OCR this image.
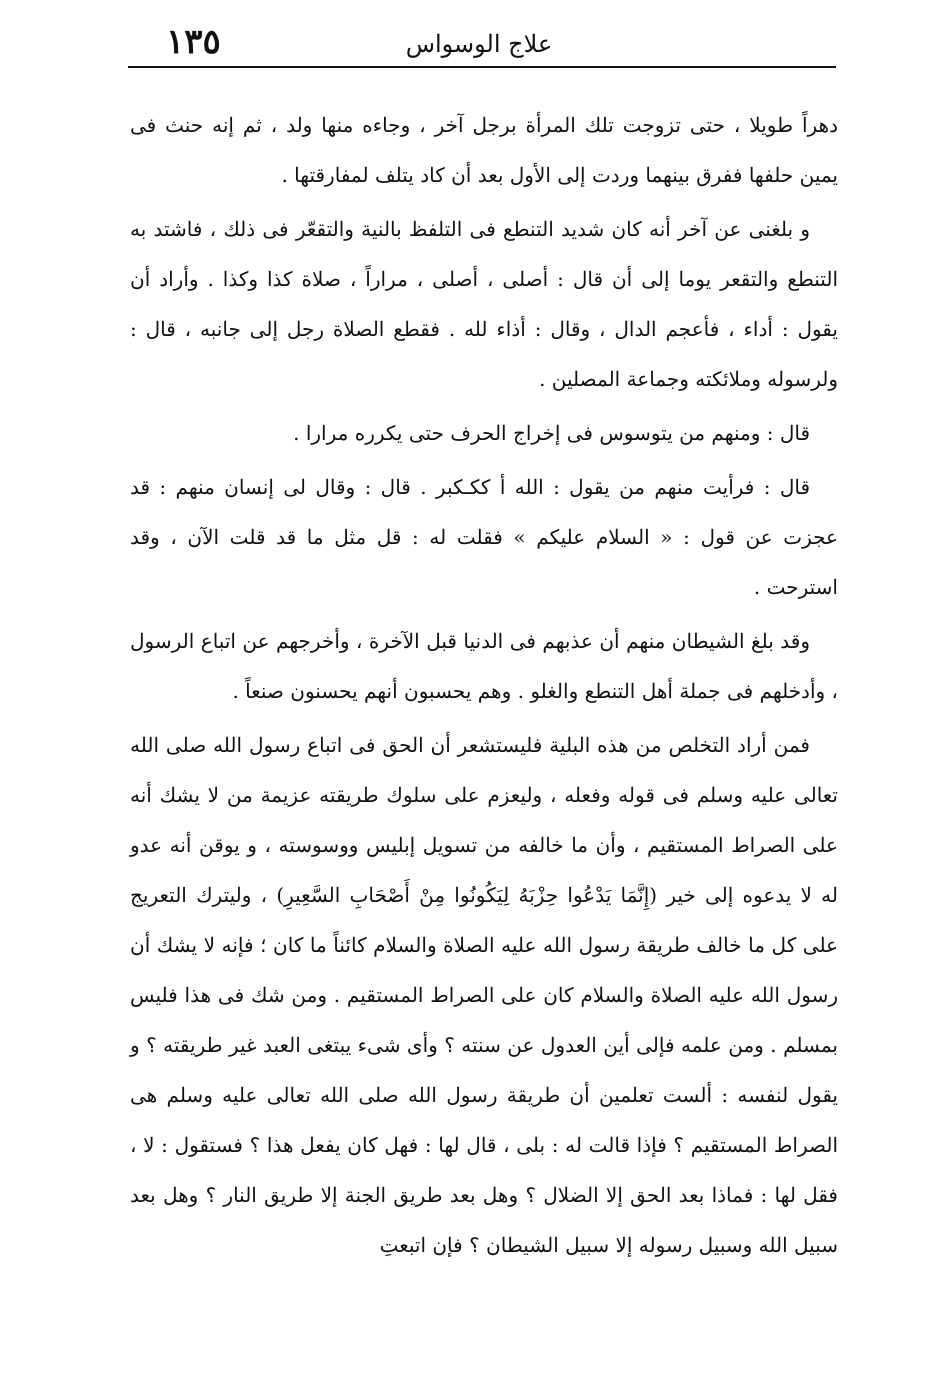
١٣٥	علاج الوسواس

دهراً طويلا ، حتى تزوجت تلك المرأة برجل آخر ، وجاءه منها ولد ، ثم إنه حنث فى يمين حلفها ففرق بينهما وردت إلى الأول بعد أن كاد يتلف لمفارقتها .

و بلغنى عن آخر أنه كان شديد التنطع فى التلفظ بالنية والتقعّر فى ذلك ، فاشتد به التنطع والتقعر يوما إلى أن قال : أصلى ، أصلى ، مراراً ، صلاة كذا وكذا . وأراد أن يقول : أداء ، فأعجم الدال ، وقال : أذاء لله . فقطع الصلاة رجل إلى جانبه ، قال : ولرسوله وملائكته وجماعة المصلين .

قال : ومنهم من يتوسوس فى إخراج الحرف حتى يكرره مرارا .

قال : فرأيت منهم من يقول : الله أ ككـكبر . قال : وقال لى إنسان منهم : قد عجزت عن قول : « السلام عليكم » فقلت له : قل مثل ما قد قلت الآن ، وقد استرحت .

وقد بلغ الشيطان منهم أن عذبهم فى الدنيا قبل الآخرة ، وأخرجهم عن اتباع الرسول ، وأدخلهم فى جملة أهل التنطع والغلو . وهم يحسبون أنهم يحسنون صنعاً .

فمن أراد التخلص من هذه البلية فليستشعر أن الحق فى اتباع رسول الله صلى الله تعالى عليه وسلم فى قوله وفعله ، وليعزم على سلوك طريقته عزيمة من لا يشك أنه على الصراط المستقيم ، وأن ما خالفه من تسويل إبليس ووسوسته ، و يوقن أنه عدو له لا يدعوه إلى خير (إِنَّمَا يَدْعُوا حِزْبَهُ لِيَكُونُوا مِنْ أَصْحَابِ السَّعِيرِ) ، وليترك التعريج على كل ما خالف طريقة رسول الله عليه الصلاة والسلام كائناً ما كان ؛ فإنه لا يشك أن رسول الله عليه الصلاة والسلام كان على الصراط المستقيم . ومن شك فى هذا فليس بمسلم . ومن علمه فإلى أين العدول عن سنته ؟ وأى شىء يبتغى العبد غير طريقته ؟ و يقول لنفسه : ألست تعلمين أن طريقة رسول الله صلى الله تعالى عليه وسلم هى الصراط المستقيم ؟ فإذا قالت له : بلى ، قال لها : فهل كان يفعل هذا ؟ فستقول : لا ، فقل لها : فماذا بعد الحق إلا الضلال ؟ وهل بعد طريق الجنة إلا طريق النار ؟ وهل بعد سبيل الله وسبيل رسوله إلا سبيل الشيطان ؟ فإن اتبعتِ
